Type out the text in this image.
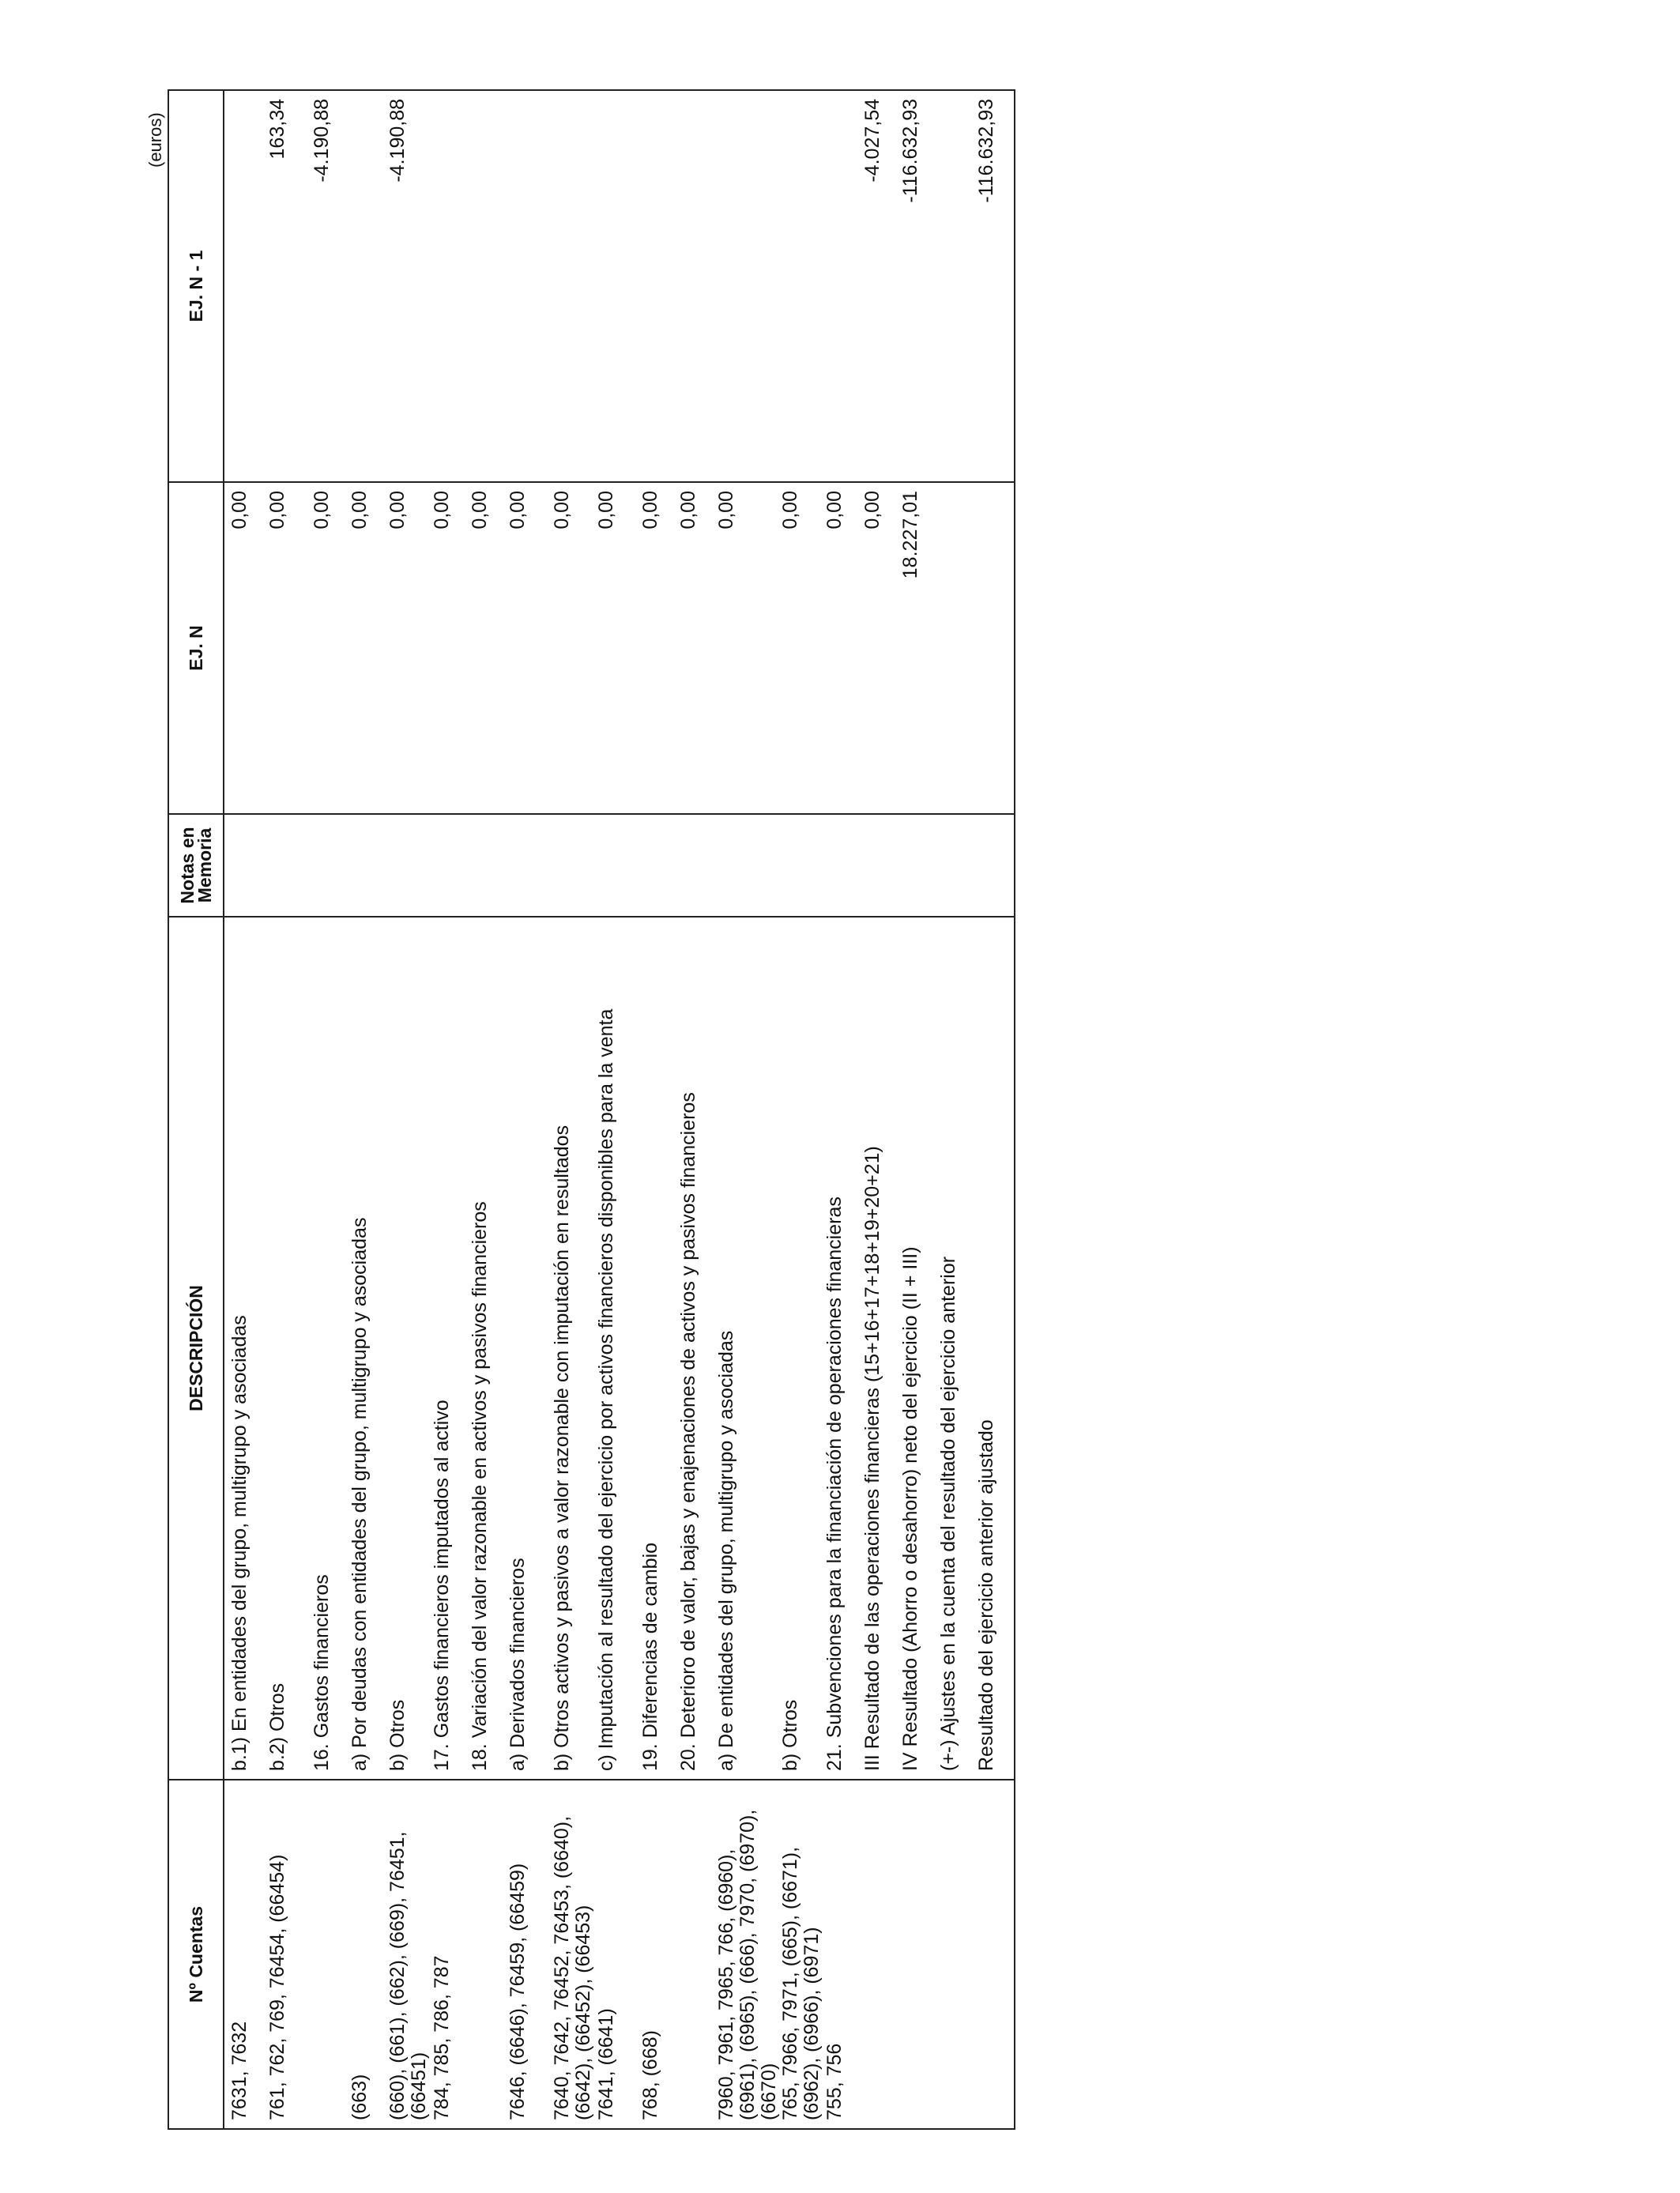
(euros)
Nº Cuentas	DESCRIPCIÓN	Notas en Memoria	EJ. N	EJ. N - 1
7631, 7632	b.1) En entidades del grupo, multigrupo y asociadas		0,00	
761, 762, 769, 76454, (66454)	b.2) Otros		0,00	163,34
	16. Gastos financieros		0,00	-4.190,88
(663)	a) Por deudas con entidades del grupo, multigrupo y asociadas		0,00	
(660), (661), (662), (669), 76451, (66451)	b) Otros		0,00	-4.190,88
784, 785, 786, 787	17. Gastos financieros imputados al activo		0,00	
	18. Variación del valor razonable en activos y pasivos financieros		0,00	
7646, (6646), 76459, (66459)	a) Derivados financieros		0,00	
7640, 7642, 76452, 76453, (6640), (6642), (66452), (66453)	b) Otros activos y pasivos a valor razonable con imputación en resultados		0,00	
7641, (6641)	c) Imputación al resultado del ejercicio por activos financieros disponibles para la venta		0,00	
768, (668)	19. Diferencias de cambio		0,00	
	20. Deterioro de valor, bajas y enajenaciones de activos y pasivos financieros		0,00	
7960, 7961, 7965, 766, (6960), (6961), (6965), (666), 7970, (6970), (6670)	a) De entidades del grupo, multigrupo y asociadas		0,00	
765, 7966, 7971, (665), (6671), (6962), (6966), (6971)	b) Otros		0,00	
755, 756	21. Subvenciones para la financiación de operaciones financieras		0,00	
	III Resultado de las operaciones financieras (15+16+17+18+19+20+21)		0,00	-4.027,54
	IV Resultado (Ahorro o desahorro) neto del ejercicio (II + III)		18.227,01	-116.632,93
	(+-) Ajustes en la cuenta del resultado del ejercicio anterior			
	Resultado del ejercicio anterior ajustado			-116.632,93
